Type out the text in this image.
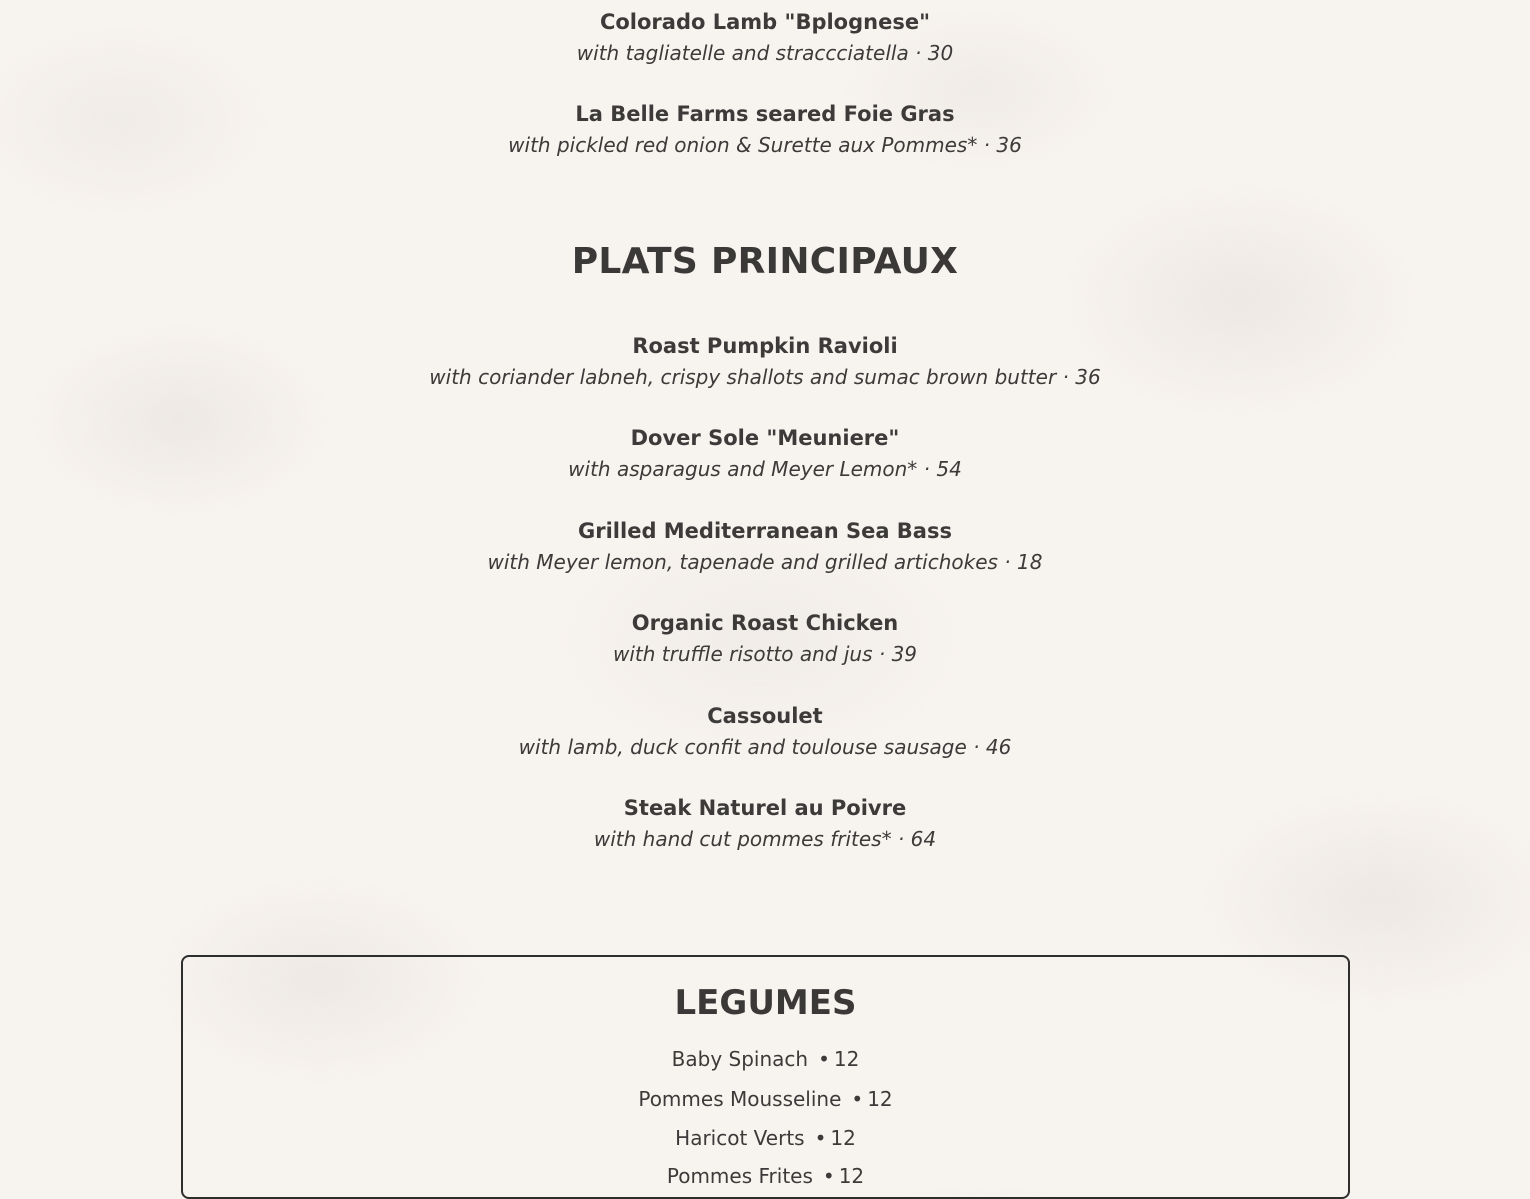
Colorado Lamb "Bplognese"
with tagliatelle and straccciatella · 30
La Belle Farms seared Foie Gras
with pickled red onion & Surette aux Pommes* · 36
PLATS PRINCIPAUX
Roast Pumpkin Ravioli
with coriander labneh, crispy shallots and sumac brown butter · 36
Dover Sole "Meuniere"
with asparagus and Meyer Lemon* · 54
Grilled Mediterranean Sea Bass
with Meyer lemon, tapenade and grilled artichokes · 18
Organic Roast Chicken
with truffle risotto and jus · 39
Cassoulet
with lamb, duck confit and toulouse sausage · 46
Steak Naturel au Poivre
with hand cut pommes frites* · 64
LEGUMES
Baby Spinach • 12
Pommes Mousseline • 12
Haricot Verts • 12
Pommes Frites • 12
